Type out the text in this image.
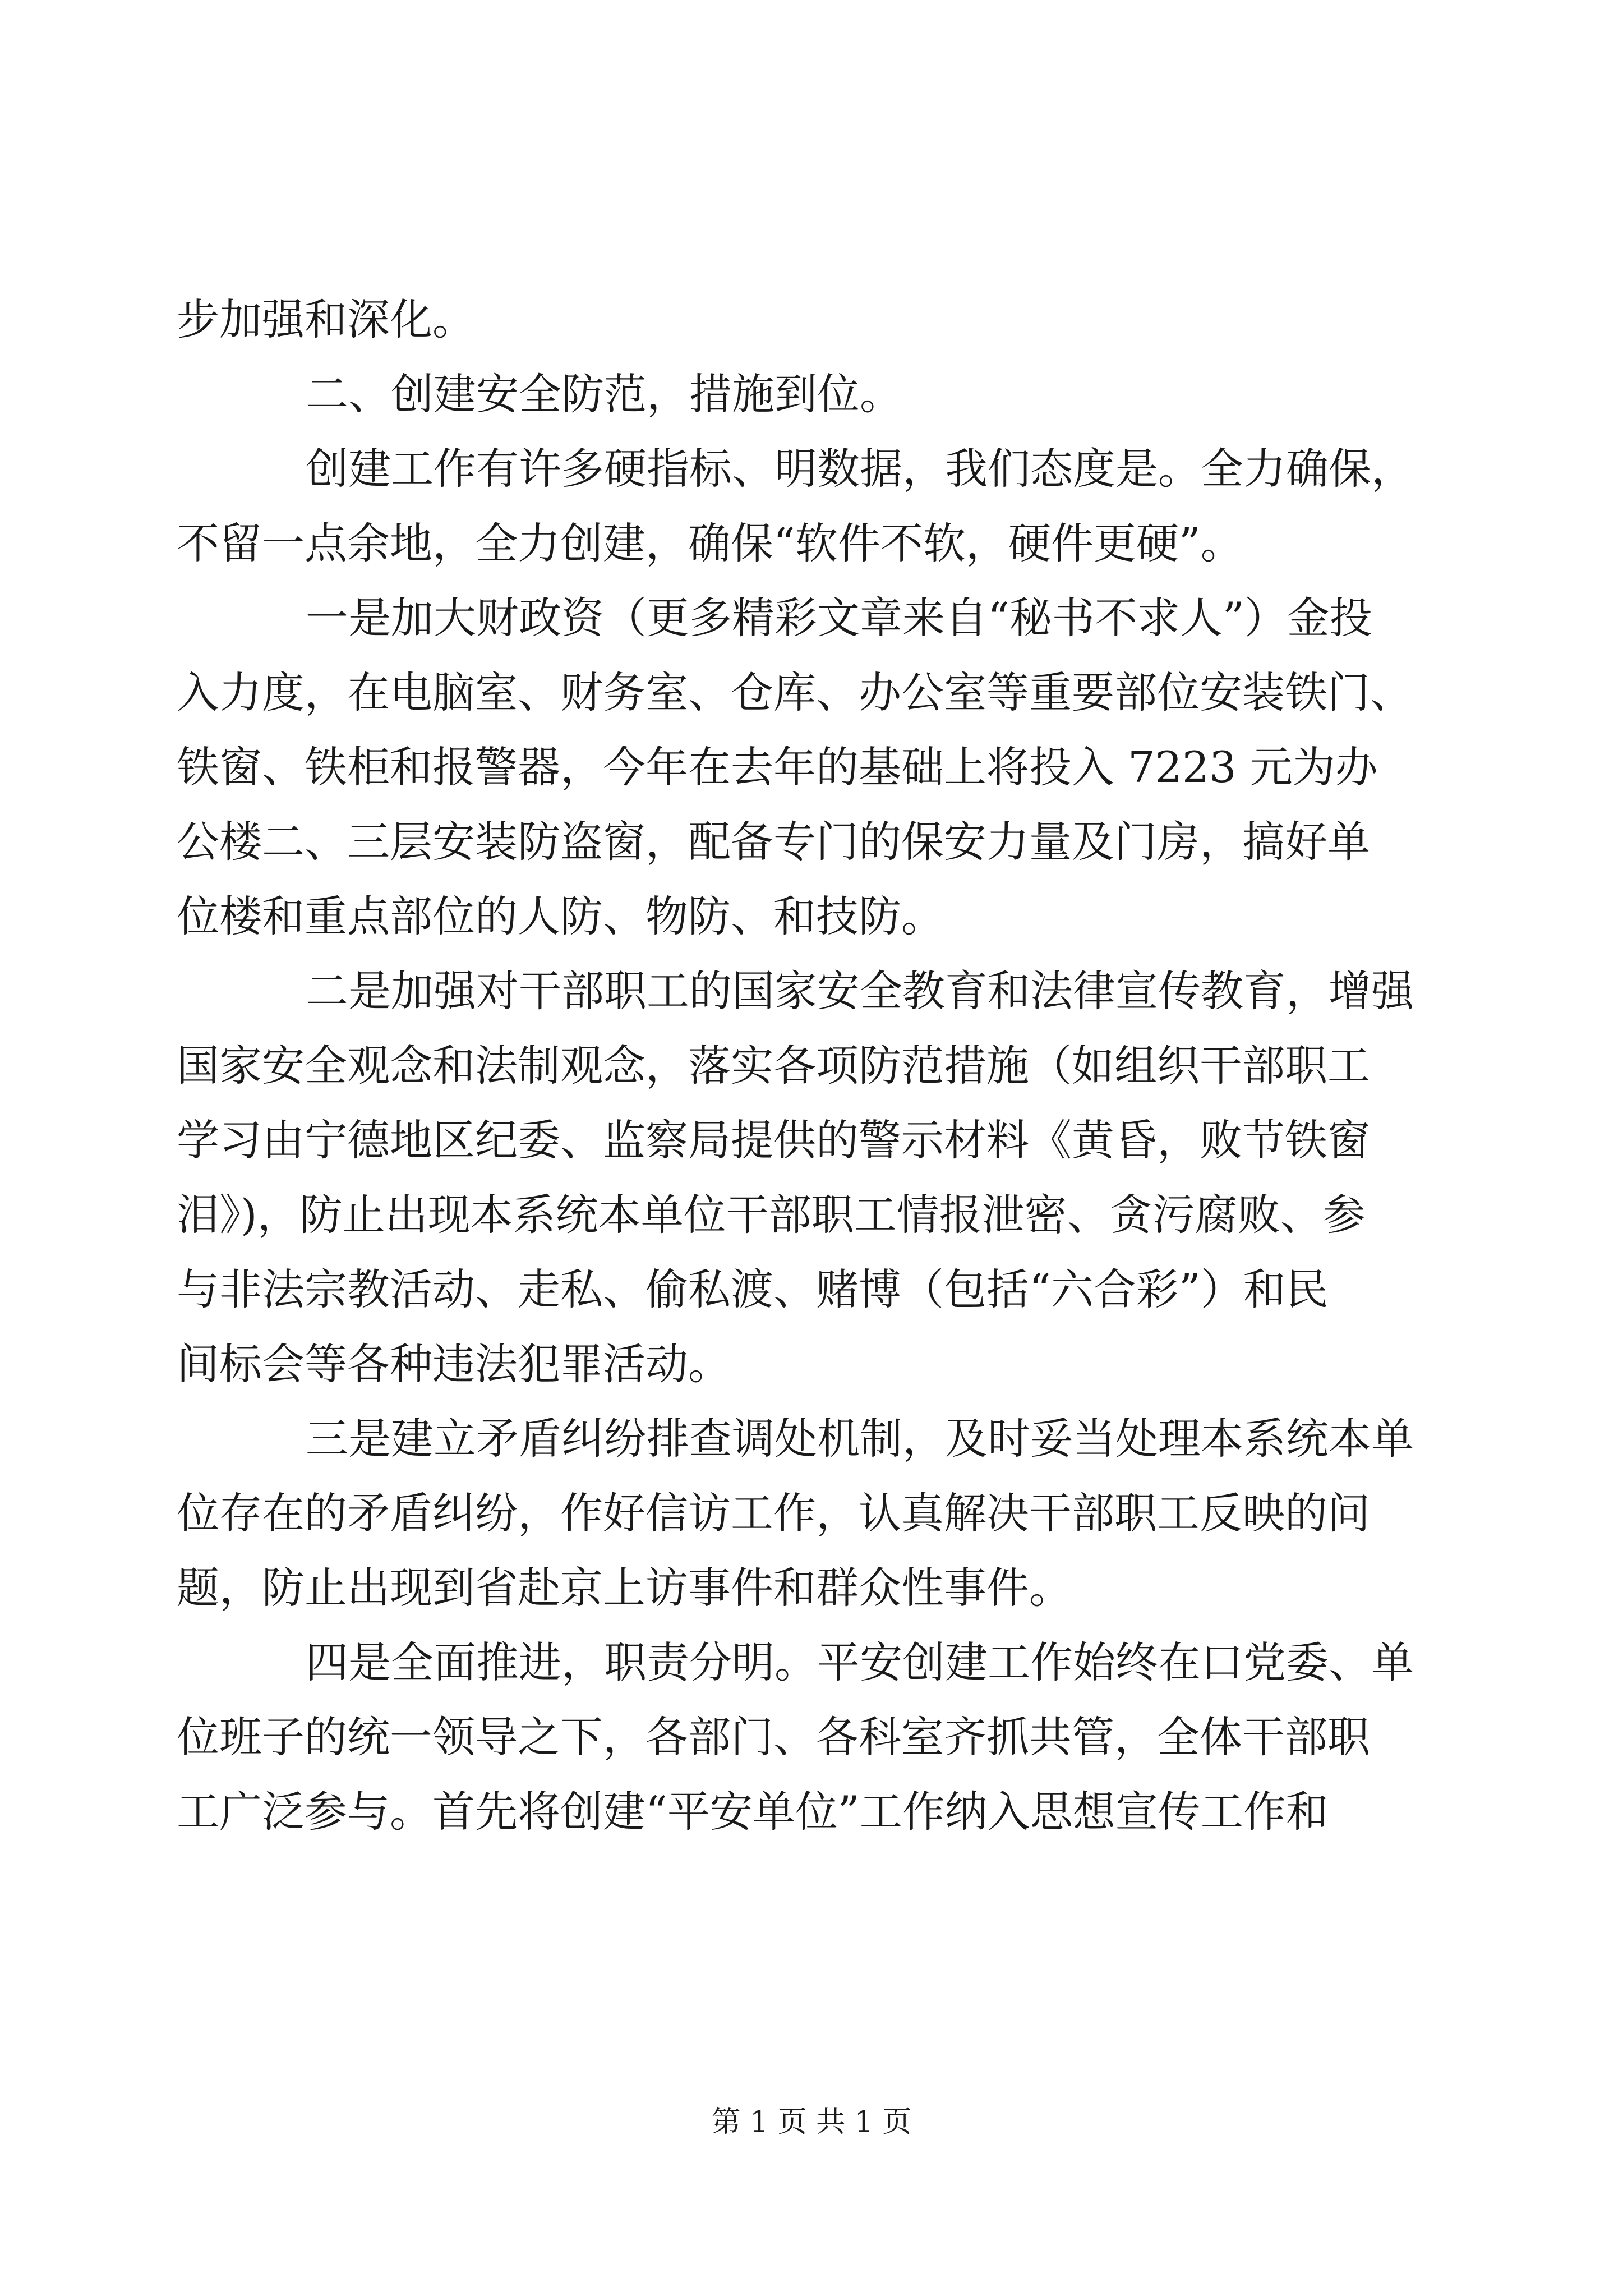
步加强和深化。
二、创建安全防范，措施到位。
创建工作有许多硬指标、明数据，我们态度是。全力确保，
不留一点余地，全力创建，确保“软件不软，硬件更硬”。
一是加大财政资（更多精彩文章来自“秘书不求人”）金投
入力度，在电脑室、财务室、仓库、办公室等重要部位安装铁门、
铁窗、铁柜和报警器，今年在去年的基础上将投入 7223 元为办
公楼二、三层安装防盗窗，配备专门的保安力量及门房，搞好单
位楼和重点部位的人防、物防、和技防。
二是加强对干部职工的国家安全教育和法律宣传教育，增强
国家安全观念和法制观念，落实各项防范措施（如组织干部职工
学习由宁德地区纪委、监察局提供的警示材料《黄昏，败节铁窗
泪》)，防止出现本系统本单位干部职工情报泄密、贪污腐败、参
与非法宗教活动、走私、偷私渡、赌博（包括“六合彩”）和民
间标会等各种违法犯罪活动。
三是建立矛盾纠纷排查调处机制，及时妥当处理本系统本单
位存在的矛盾纠纷，作好信访工作，认真解决干部职工反映的问
题，防止出现到省赴京上访事件和群众性事件。
四是全面推进，职责分明。平安创建工作始终在口党委、单
位班子的统一领导之下，各部门、各科室齐抓共管，全体干部职
工广泛参与。首先将创建“平安单位”工作纳入思想宣传工作和
第 1 页 共 1 页
